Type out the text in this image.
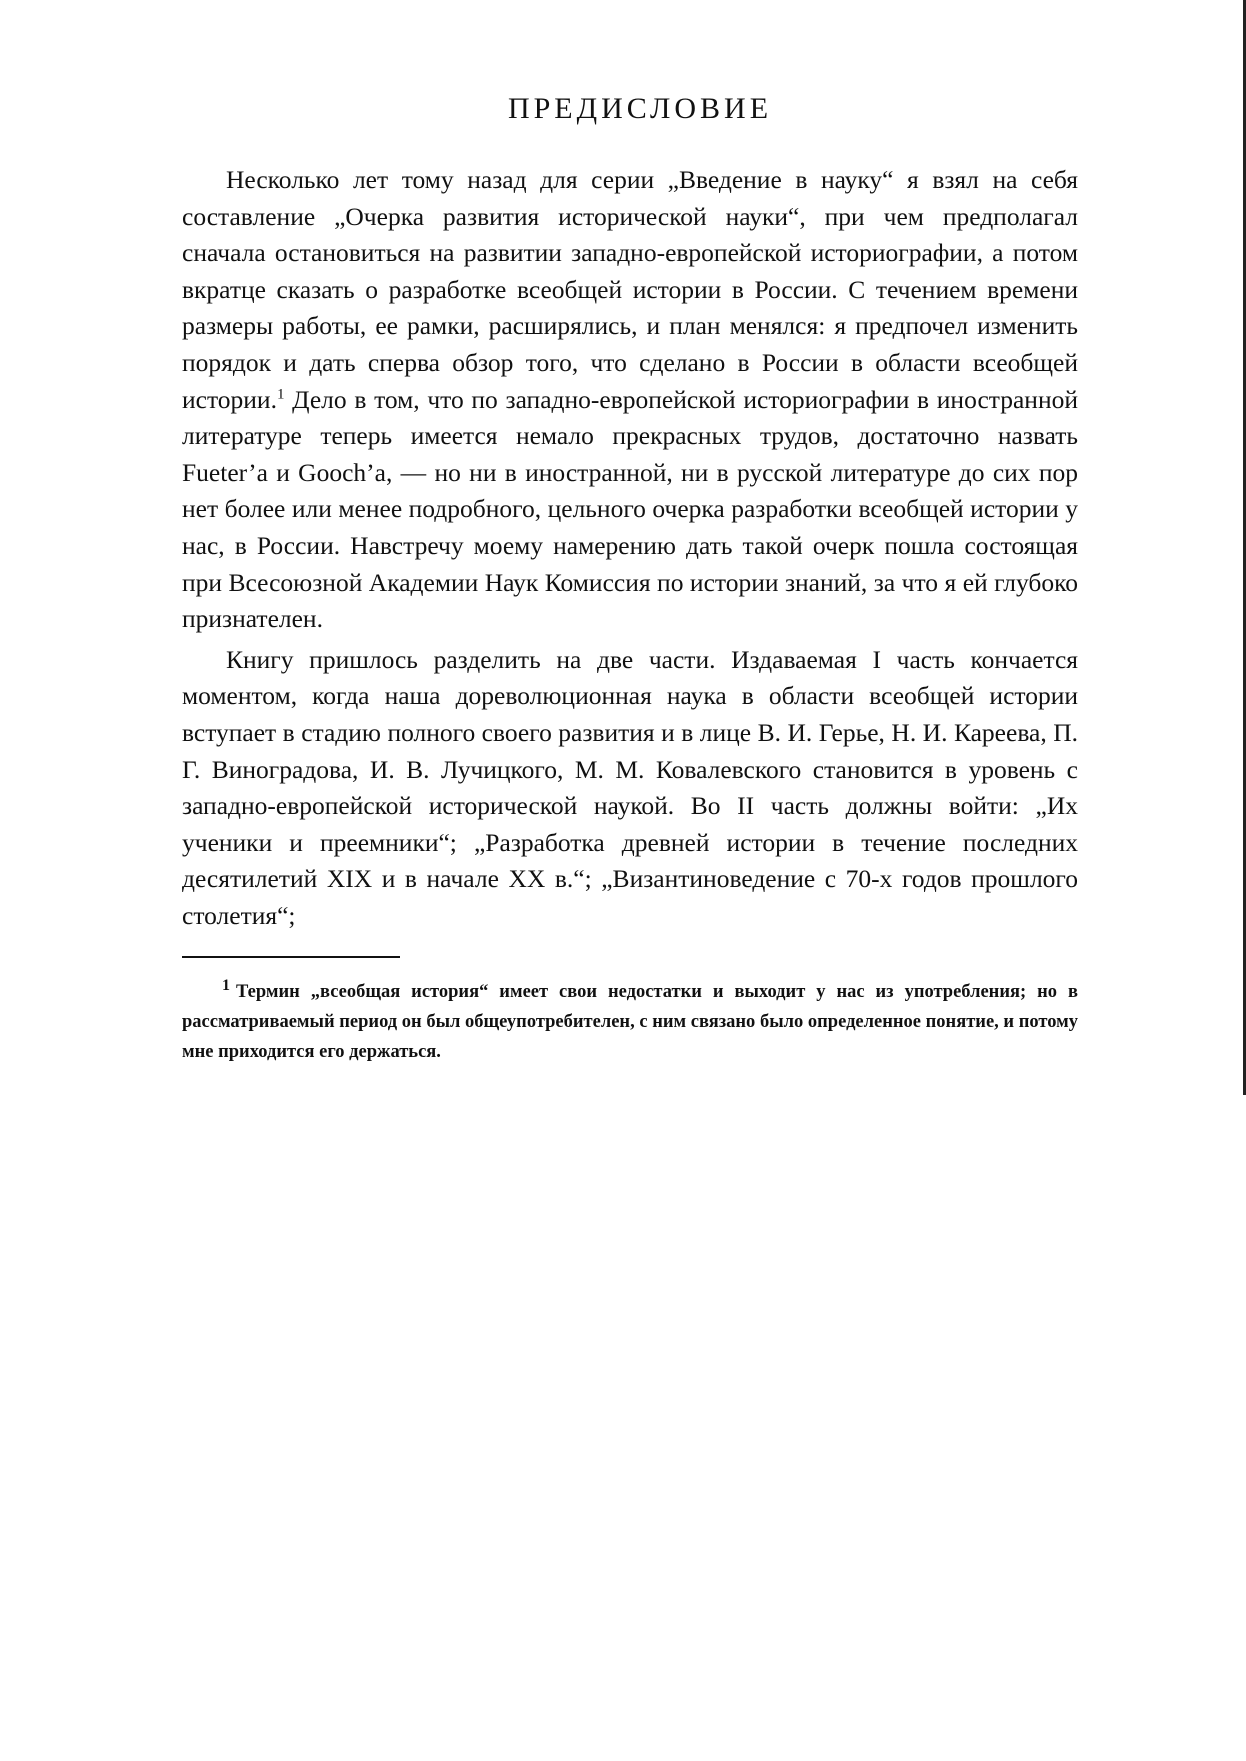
ПРЕДИСЛОВИЕ

Несколько лет тому назад для серии „Введение в науку“ я взял на себя составление „Очерка развития исторической науки“, при чем предполагал сначала остановиться на развитии западно-европейской историографии, а потом вкратце сказать о разработке всеобщей истории в России. С течением времени размеры работы, ее рамки, расширялись, и план менялся: я предпочел изменить порядок и дать сперва обзор того, что сделано в России в области всеобщей истории.$^1$ Дело в том, что по западно-европейской историографии в иностранной литературе теперь имеется немало прекрасных трудов, достаточно назвать Fueter’a и Gooch’a, — но ни в иностранной, ни в русской литературе до сих пор нет более или менее подробного, цельного очерка разработки всеобщей истории у нас, в России. Навстречу моему намерению дать такой очерк пошла состоящая при Всесоюзной Академии Наук Комиссия по истории знаний, за что я ей глубоко признателен.

Книгу пришлось разделить на две части. Издаваемая I часть кончается моментом, когда наша дореволюционная наука в области всеобщей истории вступает в стадию полного своего развития и в лице В. И. Герье, Н. И. Кареева, П. Г. Виноградова, И. В. Лучицкого, М. М. Ковалевского становится в уровень с западно-европейской исторической наукой. Во II часть должны войти: „Их ученики и преемники“; „Разработка древней истории в течение последних десятилетий XIX и в начале XX в.“; „Византиноведение с 70-х годов прошлого столетия“;

1 Термин „всеобщая история“ имеет свои недостатки и выходит у нас из употребления; но в рассматриваемый период он был общеупотребителен, с ним связано было определенное понятие, и потому мне приходится его держаться.
